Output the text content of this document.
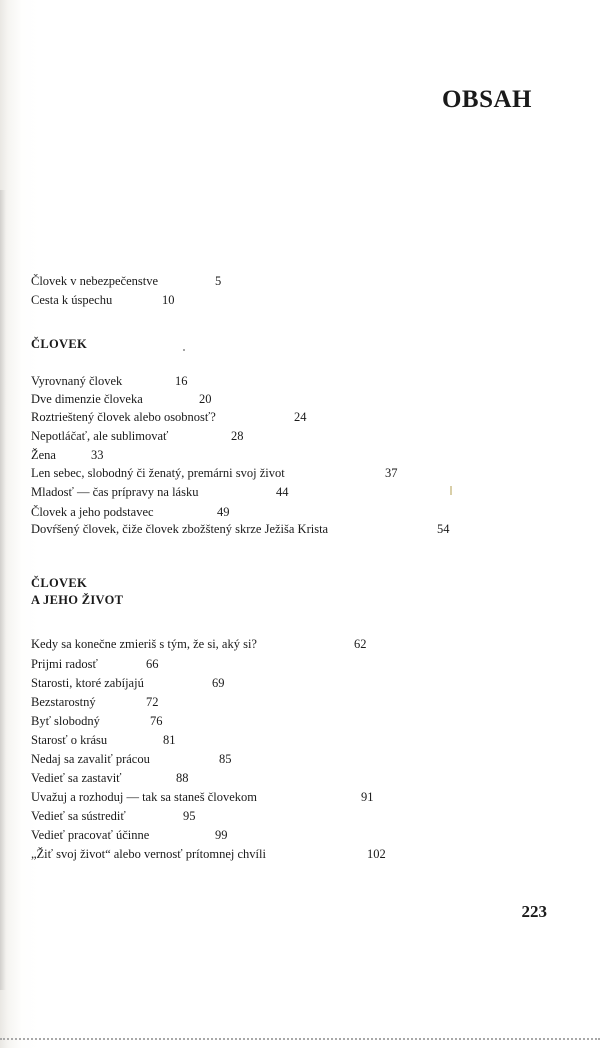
OBSAH
Človek v nebezpečenstve	5
Cesta k úspechu	10
ČLOVEK
Vyrovnaný človek	16
Dve dimenzie človeka	20
Roztrieštený človek alebo osobnosť?	24
Nepotláčať, ale sublimovať	28
Žena	33
Len sebec, slobodný či ženatý, premárni svoj život	37
Mladosť — čas prípravy na lásku	44
Človek a jeho podstavec	49
Dovŕšený človek, čiže človek zbožštený skrze Ježiša Krista	54
ČLOVEK
A JEHO ŽIVOT
Kedy sa konečne zmieriš s tým, že si, aký si?	62
Prijmi radosť	66
Starosti, ktoré zabíjajú	69
Bezstarostný	72
Byť slobodný	76
Starosť o krásu	81
Nedaj sa zavaliť prácou	85
Vedieť sa zastaviť	88
Uvažuj a rozhoduj — tak sa staneš človekom	91
Vedieť sa sústrediť	95
Vedieť pracovať účinne	99
„Žiť svoj život“ alebo vernosť prítomnej chvíli	102
223
